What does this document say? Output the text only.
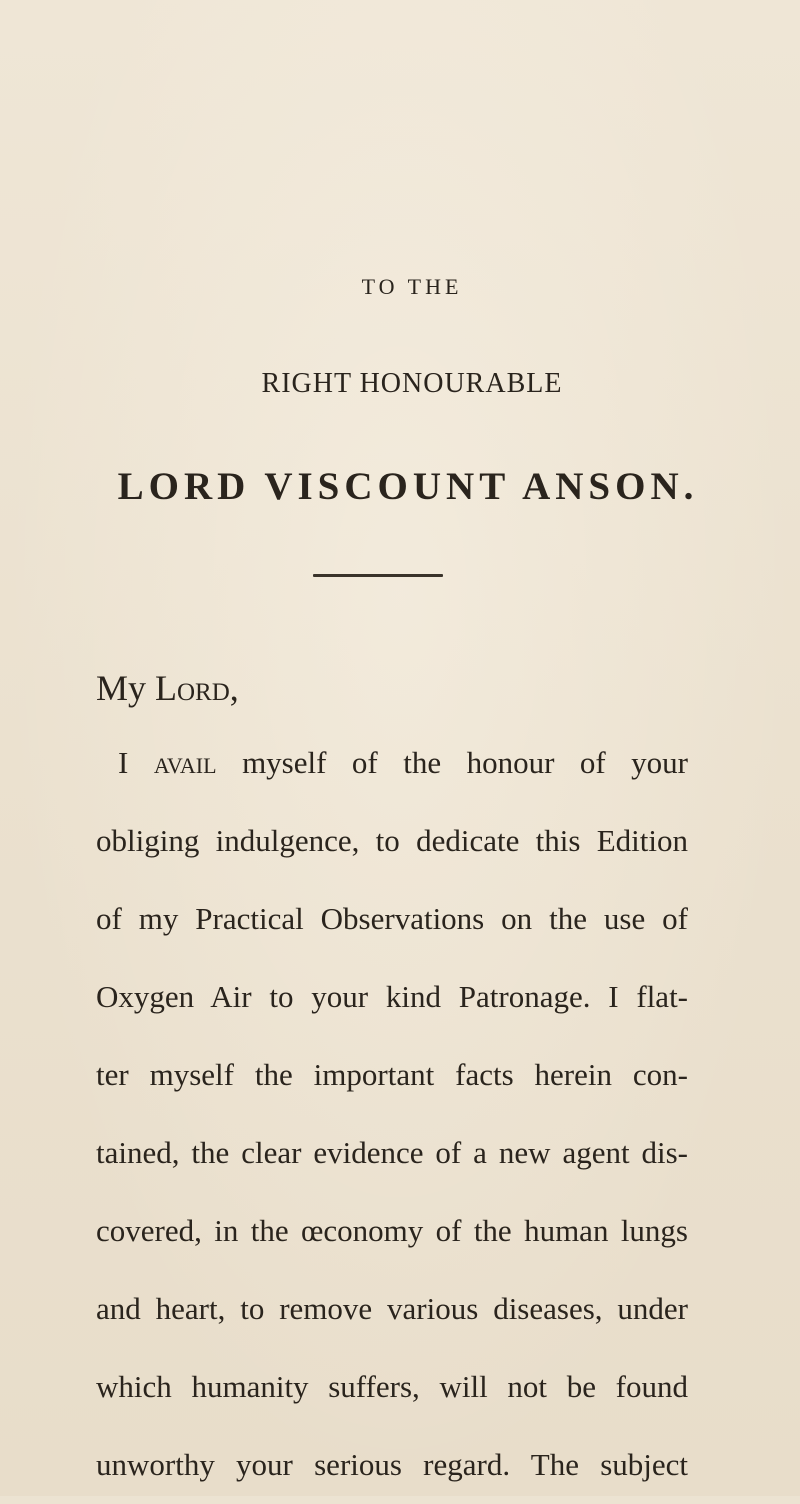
TO THE
RIGHT HONOURABLE
LORD VISCOUNT ANSON.
My Lord,
I avail myself of the honour of your
obliging indulgence, to dedicate this Edition
of my Practical Observations on the use of
Oxygen Air to your kind Patronage. I flat-
ter myself the important facts herein con-
tained, the clear evidence of a new agent dis-
covered, in the œconomy of the human lungs
and heart, to remove various diseases, under
which humanity suffers, will not be found
unworthy your serious regard. The subject
